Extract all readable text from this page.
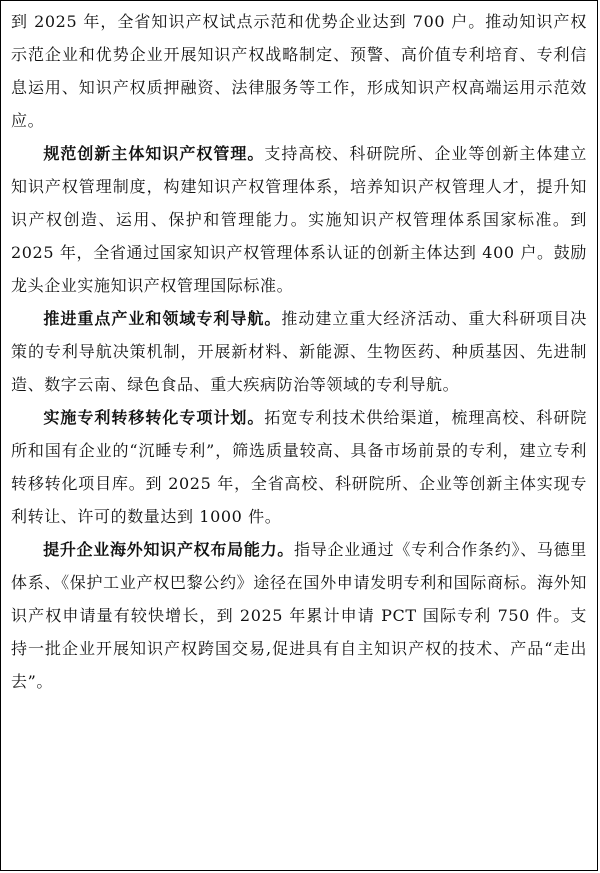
到 2025 年，全省知识产权试点示范和优势企业达到 700 户。推动知识产权示范企业和优势企业开展知识产权战略制定、预警、高价值专利培育、专利信息运用、知识产权质押融资、法律服务等工作，形成知识产权高端运用示范效应。

规范创新主体知识产权管理。支持高校、科研院所、企业等创新主体建立知识产权管理制度，构建知识产权管理体系，培养知识产权管理人才，提升知识产权创造、运用、保护和管理能力。实施知识产权管理体系国家标准。到 2025 年，全省通过国家知识产权管理体系认证的创新主体达到 400 户。鼓励龙头企业实施知识产权管理国际标准。

推进重点产业和领域专利导航。推动建立重大经济活动、重大科研项目决策的专利导航决策机制，开展新材料、新能源、生物医药、种质基因、先进制造、数字云南、绿色食品、重大疾病防治等领域的专利导航。

实施专利转移转化专项计划。拓宽专利技术供给渠道，梳理高校、科研院所和国有企业的“沉睡专利”，筛选质量较高、具备市场前景的专利，建立专利转移转化项目库。到 2025 年，全省高校、科研院所、企业等创新主体实现专利转让、许可的数量达到 1000 件。

提升企业海外知识产权布局能力。指导企业通过《专利合作条约》、马德里体系、《保护工业产权巴黎公约》途径在国外申请发明专利和国际商标。海外知识产权申请量有较快增长，到 2025 年累计申请 PCT 国际专利 750 件。支持一批企业开展知识产权跨国交易,促进具有自主知识产权的技术、产品“走出去”。
